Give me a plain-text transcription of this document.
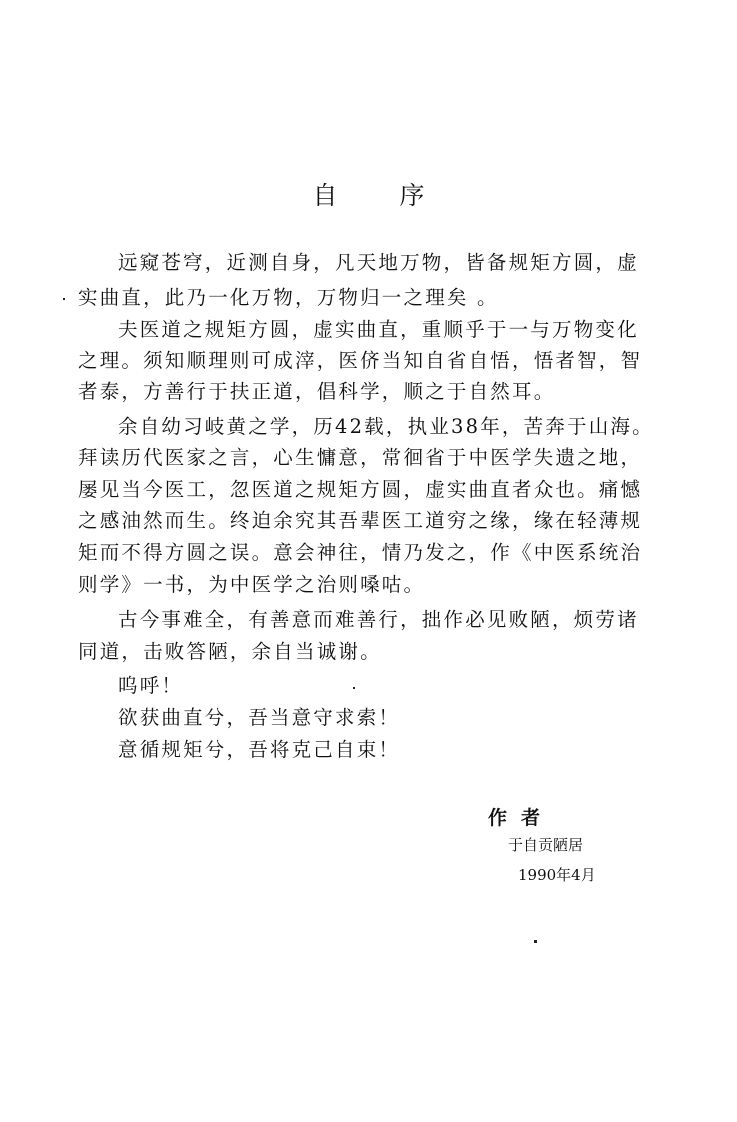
自 序
远窥苍穹，近测自身，凡天地万物，皆备规矩方圆，虚
实曲直，此乃一化万物，万物归一之理矣 。
夫医道之规矩方圆，虚实曲直，重顺乎于一与万物变化
之理。须知顺理则可成滓，医侪当知自省自悟，悟者智，智
者泰，方善行于扶正道，倡科学，顺之于自然耳。
余自幼习岐黄之学，历42载，执业38年，苦奔于山海。
拜读历代医家之言，心生慵意，常徊省于中医学失遗之地，
屡见当今医工，忽医道之规矩方圆，虚实曲直者众也。痛憾
之感油然而生。终迫余究其吾辈医工道穷之缘，缘在轻薄规
矩而不得方圆之误。意会神往，情乃发之，作《中医系统治
则学》一书，为中医学之治则嗓咕。
古今事难全，有善意而难善行，拙作必见败陋，烦劳诸
同道，击败答陋，余自当诚谢。
呜呼！
欲获曲直兮，吾当意守求索！
意循规矩兮，吾将克己自束！
作者
于自贡陋居
1990年4月
